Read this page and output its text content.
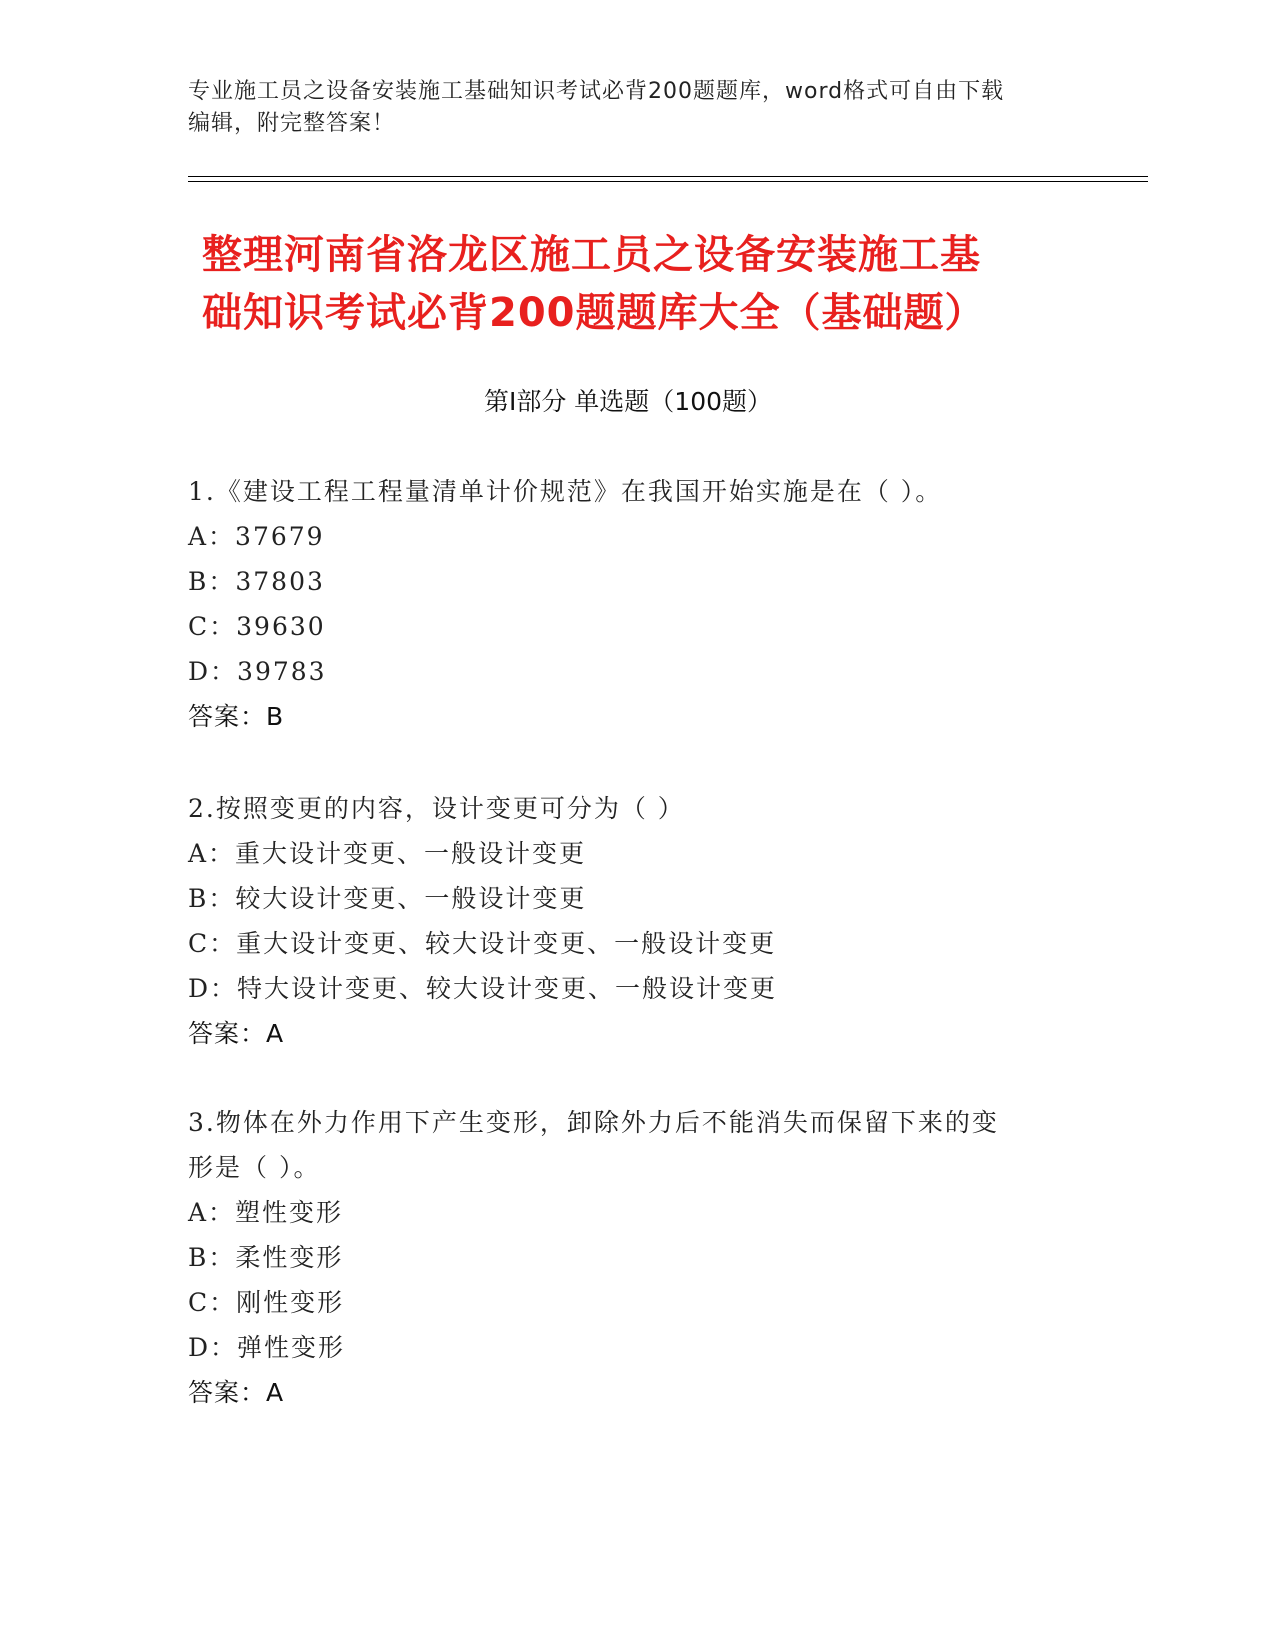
专业施工员之设备安装施工基础知识考试必背200题题库，word格式可自由下载
编辑，附完整答案！
整理河南省洛龙区施工员之设备安装施工基
础知识考试必背200题题库大全（基础题）
第Ⅰ部分 单选题（100题）
1.《建设工程工程量清单计价规范》在我国开始实施是在（ ）。
A：37679
B：37803
C：39630
D：39783
答案：B
2.按照变更的内容，设计变更可分为（ ）
A：重大设计变更、一般设计变更
B：较大设计变更、一般设计变更
C：重大设计变更、较大设计变更、一般设计变更
D：特大设计变更、较大设计变更、一般设计变更
答案：A
3.物体在外力作用下产生变形，卸除外力后不能消失而保留下来的变
形是（ ）。
A：塑性变形
B：柔性变形
C：刚性变形
D：弹性变形
答案：A
